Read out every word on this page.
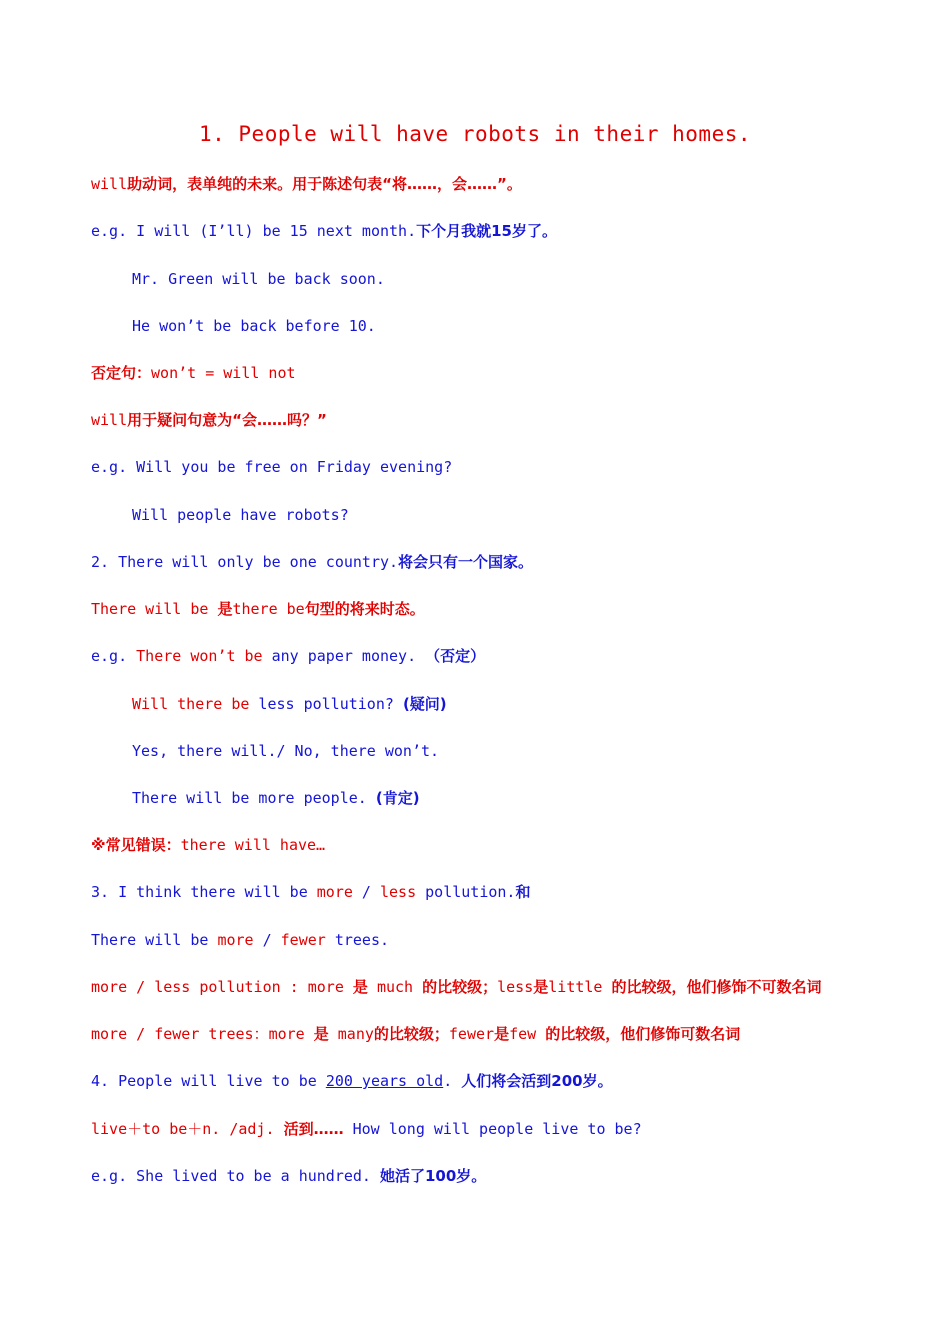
1. People will have robots in their homes.
will助动词，表单纯的未来。用于陈述句表“将……，会……”。
e.g. I will (I’ll) be 15 next month.下个月我就15岁了。
Mr. Green will be back soon.
He won’t be back before 10.
否定句：won’t = will not
will用于疑问句意为“会……吗？”
e.g. Will you be free on Friday evening?
Will people have robots?
2. There will only be one country.将会只有一个国家。
There will be 是there be句型的将来时态。
e.g. There won’t be any paper money. （否定）
Will there be less pollution? (疑问)
Yes, there will./ No, there won’t.
There will be more people. (肯定)
※常见错误：there will have…
3. I think there will be more / less pollution.和
There will be more / fewer trees.
more / less pollution : more 是 much 的比较级；less是little 的比较级，他们修饰不可数名词
more / fewer trees：more 是 many的比较级；fewer是few 的比较级，他们修饰可数名词
4. People will live to be 200 years old. 人们将会活到200岁。
live＋to be＋n. /adj. 活到…… How long will people live to be?
e.g. She lived to be a hundred. 她活了100岁。
